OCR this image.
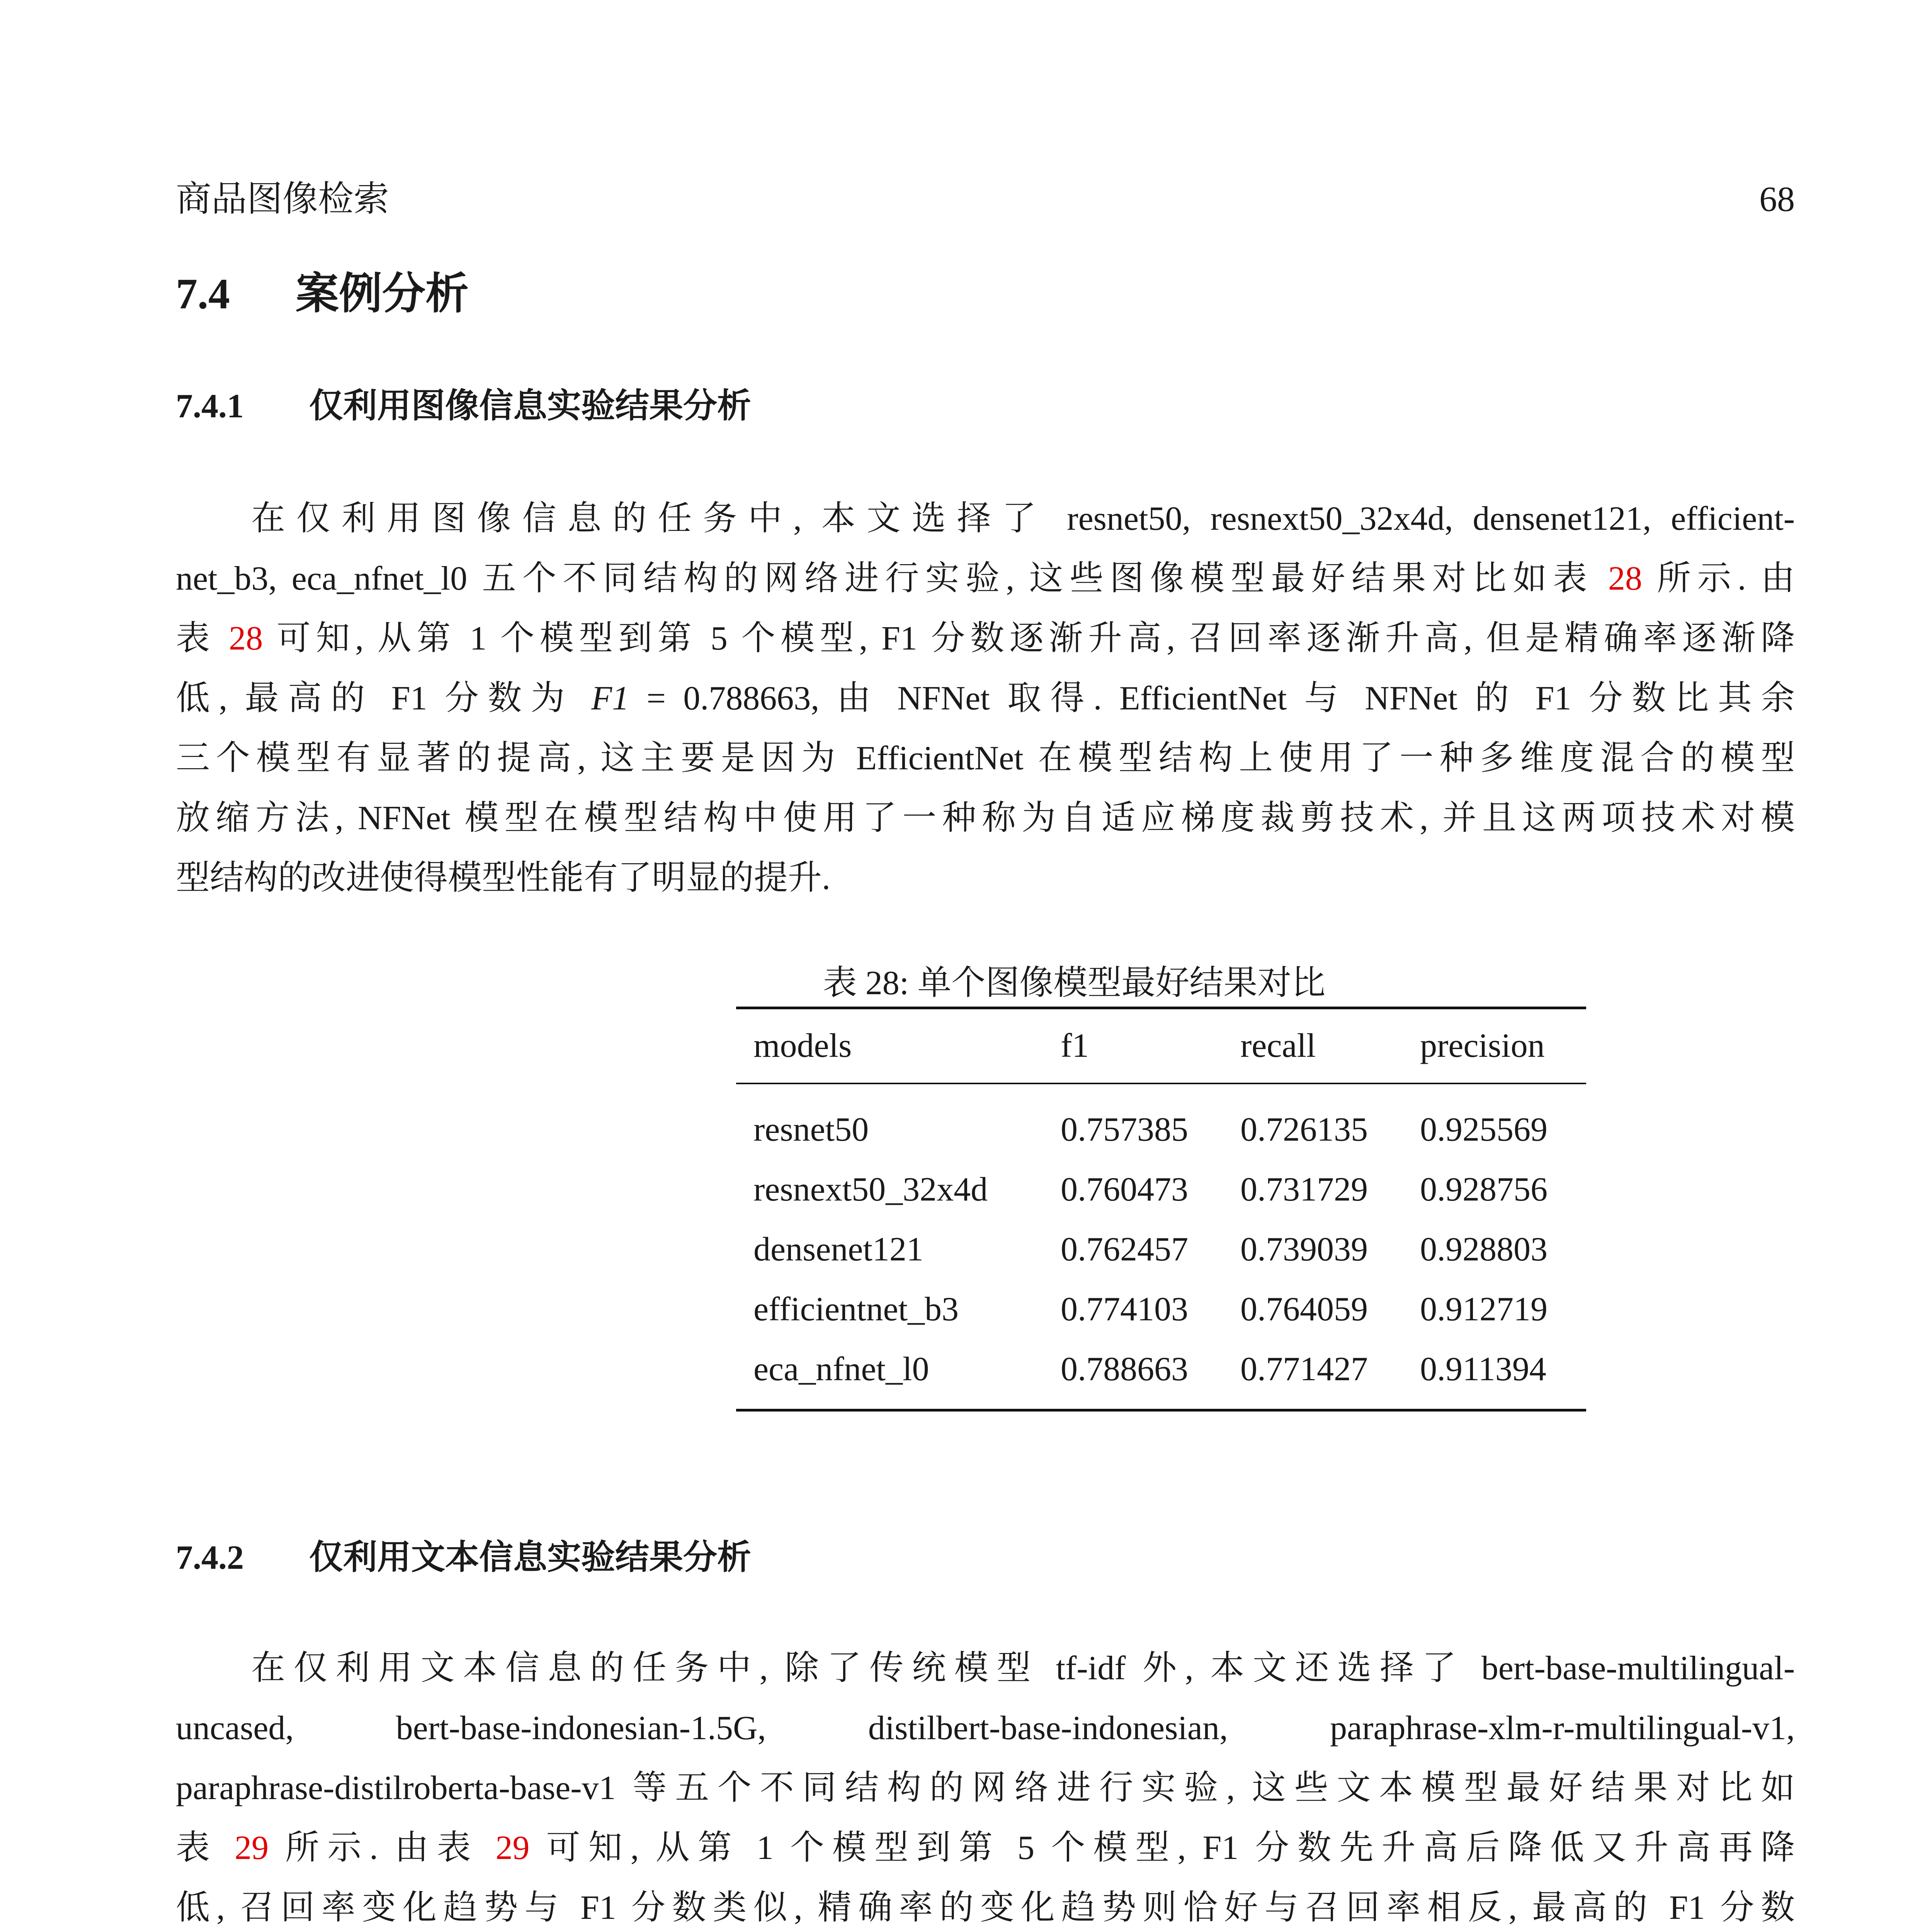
商品图像检索	68
7.4 案例分析
7.4.1 仅利用图像信息实验结果分析
在仅利用图像信息的任务中, 本文选择了 resnet50, resnext50_32x4d, densenet121, efficient-
net_b3, eca_nfnet_l0 五个不同结构的网络进行实验, 这些图像模型最好结果对比如表 28 所示. 由
表 28 可知, 从第 1 个模型到第 5 个模型, F1 分数逐渐升高, 召回率逐渐升高, 但是精确率逐渐降
低, 最高的 F1 分数为 F1 = 0.788663, 由 NFNet 取得. EfficientNet 与 NFNet 的 F1 分数比其余
三个模型有显著的提高, 这主要是因为 EfficientNet 在模型结构上使用了一种多维度混合的模型
放缩方法, NFNet 模型在模型结构中使用了一种称为自适应梯度裁剪技术, 并且这两项技术对模
型结构的改进使得模型性能有了明显的提升.
表 28: 单个图像模型最好结果对比
models	f1	recall	precision
resnet50	0.757385	0.726135	0.925569
resnext50_32x4d	0.760473	0.731729	0.928756
densenet121	0.762457	0.739039	0.928803
efficientnet_b3	0.774103	0.764059	0.912719
eca_nfnet_l0	0.788663	0.771427	0.911394
7.4.2 仅利用文本信息实验结果分析
在仅利用文本信息的任务中, 除了传统模型 tf-idf 外, 本文还选择了 bert-base-multilingual-
uncased, bert-base-indonesian-1.5G, distilbert-base-indonesian, paraphrase-xlm-r-multilingual-v1,
paraphrase-distilroberta-base-v1 等五个不同结构的网络进行实验, 这些文本模型最好结果对比如
表 29 所示. 由表 29 可知, 从第 1 个模型到第 5 个模型, F1 分数先升高后降低又升高再降
低, 召回率变化趋势与 F1 分数类似, 精确率的变化趋势则恰好与召回率相反, 最高的 F1 分数
